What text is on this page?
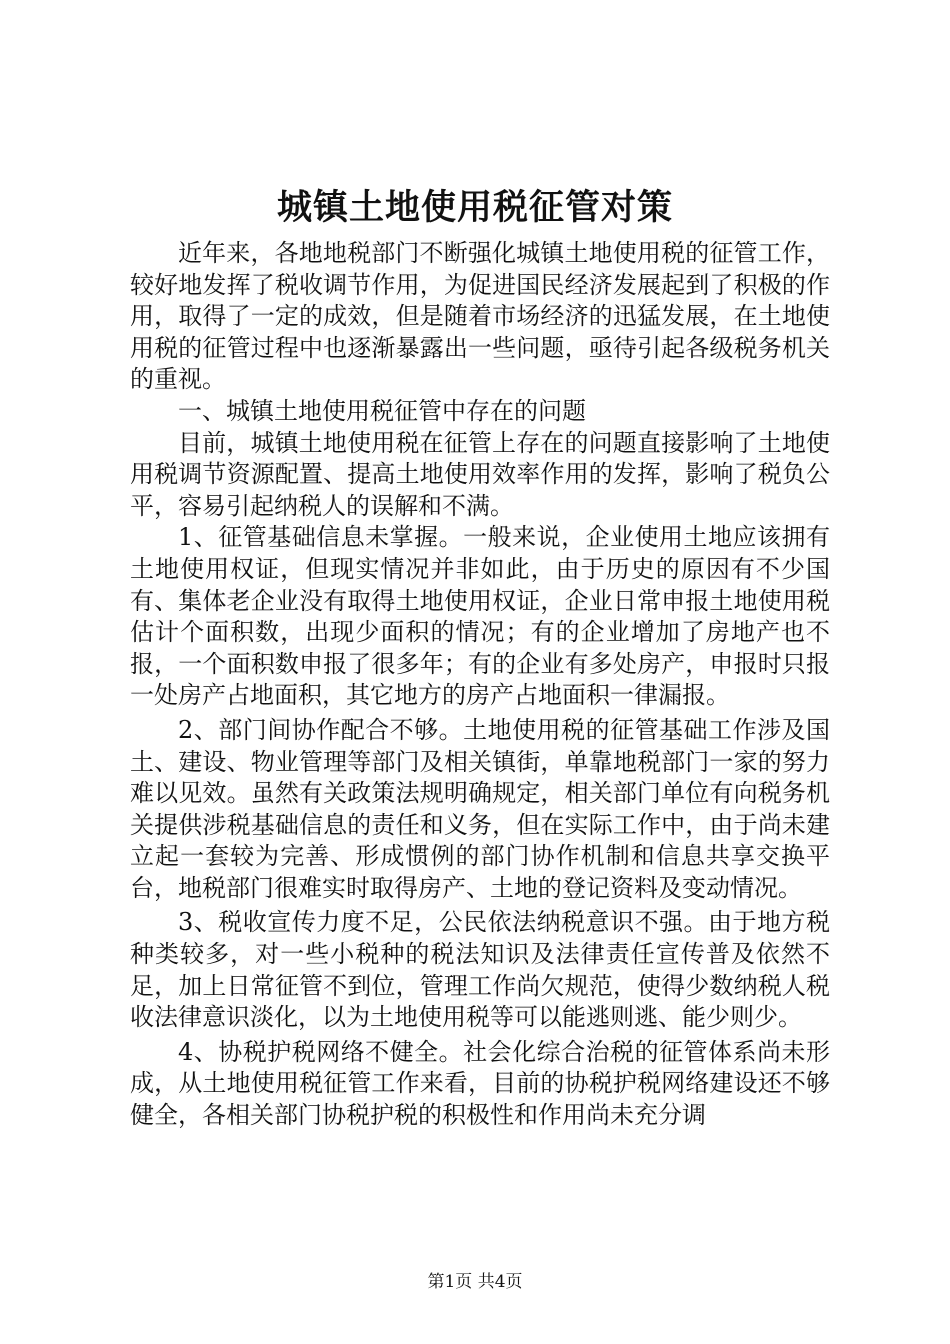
城镇土地使用税征管对策

近年来，各地地税部门不断强化城镇土地使用税的征管工作，较好地发挥了税收调节作用，为促进国民经济发展起到了积极的作用，取得了一定的成效，但是随着市场经济的迅猛发展，在土地使用税的征管过程中也逐渐暴露出一些问题，亟待引起各级税务机关的重视。

一、城镇土地使用税征管中存在的问题

目前，城镇土地使用税在征管上存在的问题直接影响了土地使用税调节资源配置、提高土地使用效率作用的发挥，影响了税负公平，容易引起纳税人的误解和不满。

1、征管基础信息未掌握。一般来说，企业使用土地应该拥有土地使用权证，但现实情况并非如此，由于历史的原因有不少国有、集体老企业没有取得土地使用权证，企业日常申报土地使用税估计个面积数，出现少面积的情况；有的企业增加了房地产也不报，一个面积数申报了很多年；有的企业有多处房产，申报时只报一处房产占地面积，其它地方的房产占地面积一律漏报。

2、部门间协作配合不够。土地使用税的征管基础工作涉及国土、建设、物业管理等部门及相关镇街，单靠地税部门一家的努力难以见效。虽然有关政策法规明确规定，相关部门单位有向税务机关提供涉税基础信息的责任和义务，但在实际工作中，由于尚未建立起一套较为完善、形成惯例的部门协作机制和信息共享交换平台，地税部门很难实时取得房产、土地的登记资料及变动情况。

3、税收宣传力度不足，公民依法纳税意识不强。由于地方税种类较多，对一些小税种的税法知识及法律责任宣传普及依然不足，加上日常征管不到位，管理工作尚欠规范，使得少数纳税人税收法律意识淡化，以为土地使用税等可以能逃则逃、能少则少。

4、协税护税网络不健全。社会化综合治税的征管体系尚未形成，从土地使用税征管工作来看，目前的协税护税网络建设还不够健全，各相关部门协税护税的积极性和作用尚未充分调

第1页 共4页
